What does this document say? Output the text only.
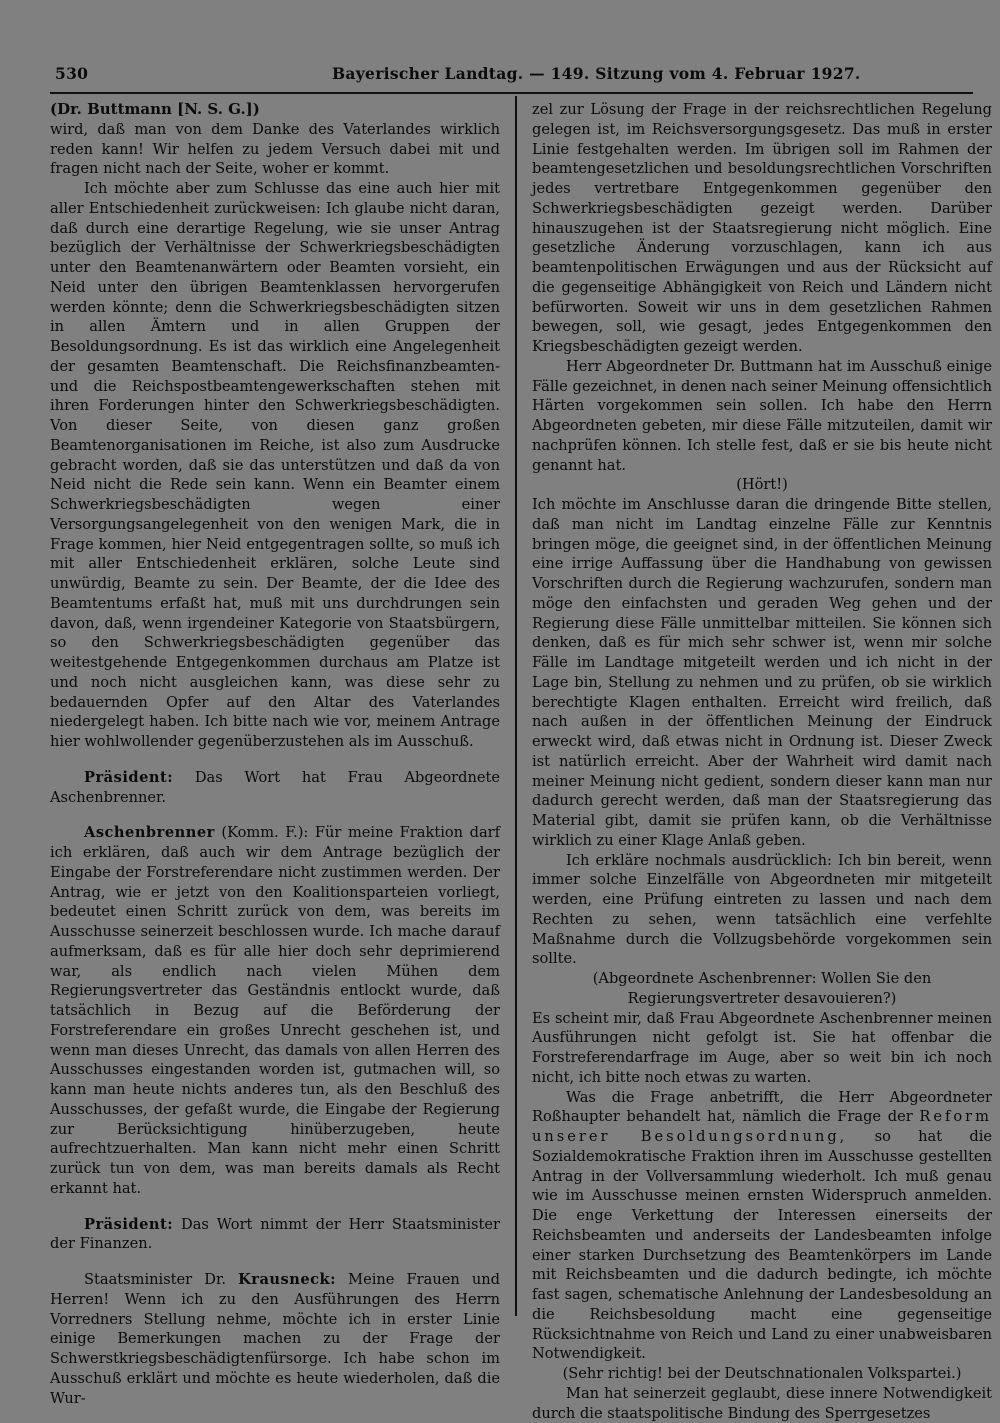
530	Bayerischer Landtag. — 149. Sitzung vom 4. Februar 1927.

(Dr. Buttmann [N. S. G.])

wird, daß man von dem Danke des Vaterlandes wirklich reden kann! Wir helfen zu jedem Versuch dabei mit und fragen nicht nach der Seite, woher er kommt.

Ich möchte aber zum Schlusse das eine auch hier mit aller Entschiedenheit zurückweisen: Ich glaube nicht daran, daß durch eine derartige Regelung, wie sie unser Antrag bezüglich der Verhältnisse der Schwerkriegsbeschädigten unter den Beamtenanwärtern oder Beamten vorsieht, ein Neid unter den übrigen Beamtenklassen hervorgerufen werden könnte; denn die Schwerkriegsbeschädigten sitzen in allen Ämtern und in allen Gruppen der Besoldungsordnung. Es ist das wirklich eine Angelegenheit der gesamten Beamtenschaft. Die Reichsfinanzbeamten- und die Reichspostbeamtengewerkschaften stehen mit ihren Forderungen hinter den Schwerkriegsbeschädigten. Von dieser Seite, von diesen ganz großen Beamtenorganisationen im Reiche, ist also zum Ausdrucke gebracht worden, daß sie das unterstützen und daß da von Neid nicht die Rede sein kann. Wenn ein Beamter einem Schwerkriegsbeschädigten wegen einer Versorgungsangelegenheit von den wenigen Mark, die in Frage kommen, hier Neid entgegentragen sollte, so muß ich mit aller Entschiedenheit erklären, solche Leute sind unwürdig, Beamte zu sein. Der Beamte, der die Idee des Beamtentums erfaßt hat, muß mit uns durchdrungen sein davon, daß, wenn irgendeiner Kategorie von Staatsbürgern, so den Schwerkriegsbeschädigten gegenüber das weitestgehende Entgegenkommen durchaus am Platze ist und noch nicht ausgleichen kann, was diese sehr zu bedauernden Opfer auf den Altar des Vaterlandes niedergelegt haben. Ich bitte nach wie vor, meinem Antrage hier wohlwollender gegenüberzustehen als im Ausschuß.

Präsident: Das Wort hat Frau Abgeordnete Aschenbrenner.

Aschenbrenner (Komm. F.): Für meine Fraktion darf ich erklären, daß auch wir dem Antrage bezüglich der Eingabe der Forstreferendare nicht zustimmen werden. Der Antrag, wie er jetzt von den Koalitionsparteien vorliegt, bedeutet einen Schritt zurück von dem, was bereits im Ausschusse seinerzeit beschlossen wurde. Ich mache darauf aufmerksam, daß es für alle hier doch sehr deprimierend war, als endlich nach vielen Mühen dem Regierungsvertreter das Geständnis entlockt wurde, daß tatsächlich in Bezug auf die Beförderung der Forstreferendare ein großes Unrecht geschehen ist, und wenn man dieses Unrecht, das damals von allen Herren des Ausschusses eingestanden worden ist, gutmachen will, so kann man heute nichts anderes tun, als den Beschluß des Ausschusses, der gefaßt wurde, die Eingabe der Regierung zur Berücksichtigung hinüberzugeben, heute aufrechtzuerhalten. Man kann nicht mehr einen Schritt zurück tun von dem, was man bereits damals als Recht erkannt hat.

Präsident: Das Wort nimmt der Herr Staatsminister der Finanzen.

Staatsminister Dr. Krausneck: Meine Frauen und Herren! Wenn ich zu den Ausführungen des Herrn Vorredners Stellung nehme, möchte ich in erster Linie einige Bemerkungen machen zu der Frage der Schwerstkriegsbeschädigtenfürsorge. Ich habe schon im Ausschuß erklärt und möchte es heute wiederholen, daß die Wur-

zel zur Lösung der Frage in der reichsrechtlichen Regelung gelegen ist, im Reichsversorgungsgesetz. Das muß in erster Linie festgehalten werden. Im übrigen soll im Rahmen der beamtengesetzlichen und besoldungsrechtlichen Vorschriften jedes vertretbare Entgegenkommen gegenüber den Schwerkriegsbeschädigten gezeigt werden. Darüber hinauszugehen ist der Staatsregierung nicht möglich. Eine gesetzliche Änderung vorzuschlagen, kann ich aus beamtenpolitischen Erwägungen und aus der Rücksicht auf die gegenseitige Abhängigkeit von Reich und Ländern nicht befürworten. Soweit wir uns in dem gesetzlichen Rahmen bewegen, soll, wie gesagt, jedes Entgegenkommen den Kriegsbeschädigten gezeigt werden.

Herr Abgeordneter Dr. Buttmann hat im Ausschuß einige Fälle gezeichnet, in denen nach seiner Meinung offensichtlich Härten vorgekommen sein sollen. Ich habe den Herrn Abgeordneten gebeten, mir diese Fälle mitzuteilen, damit wir nachprüfen können. Ich stelle fest, daß er sie bis heute nicht genannt hat.

(Hört!)

Ich möchte im Anschlusse daran die dringende Bitte stellen, daß man nicht im Landtag einzelne Fälle zur Kenntnis bringen möge, die geeignet sind, in der öffentlichen Meinung eine irrige Auffassung über die Handhabung von gewissen Vorschriften durch die Regierung wachzurufen, sondern man möge den einfachsten und geraden Weg gehen und der Regierung diese Fälle unmittelbar mitteilen. Sie können sich denken, daß es für mich sehr schwer ist, wenn mir solche Fälle im Landtage mitgeteilt werden und ich nicht in der Lage bin, Stellung zu nehmen und zu prüfen, ob sie wirklich berechtigte Klagen enthalten. Erreicht wird freilich, daß nach außen in der öffentlichen Meinung der Eindruck erweckt wird, daß etwas nicht in Ordnung ist. Dieser Zweck ist natürlich erreicht. Aber der Wahrheit wird damit nach meiner Meinung nicht gedient, sondern dieser kann man nur dadurch gerecht werden, daß man der Staatsregierung das Material gibt, damit sie prüfen kann, ob die Verhältnisse wirklich zu einer Klage Anlaß geben.

Ich erkläre nochmals ausdrücklich: Ich bin bereit, wenn immer solche Einzelfälle von Abgeordneten mir mitgeteilt werden, eine Prüfung eintreten zu lassen und nach dem Rechten zu sehen, wenn tatsächlich eine verfehlte Maßnahme durch die Vollzugsbehörde vorgekommen sein sollte.

(Abgeordnete Aschenbrenner: Wollen Sie den Regierungsvertreter desavouieren?)

Es scheint mir, daß Frau Abgeordnete Aschenbrenner meinen Ausführungen nicht gefolgt ist. Sie hat offenbar die Forstreferendarfrage im Auge, aber so weit bin ich noch nicht, ich bitte noch etwas zu warten.

Was die Frage anbetrifft, die Herr Abgeordneter Roßhaupter behandelt hat, nämlich die Frage der Reform unserer Besoldungsordnung, so hat die Sozialdemokratische Fraktion ihren im Ausschusse gestellten Antrag in der Vollversammlung wiederholt. Ich muß genau wie im Ausschusse meinen ernsten Widerspruch anmelden. Die enge Verkettung der Interessen einerseits der Reichsbeamten und anderseits der Landesbeamten infolge einer starken Durchsetzung des Beamtenkörpers im Lande mit Reichsbeamten und die dadurch bedingte, ich möchte fast sagen, schematische Anlehnung der Landesbesoldung an die Reichsbesoldung macht eine gegenseitige Rücksichtnahme von Reich und Land zu einer unabweisbaren Notwendigkeit.

(Sehr richtig! bei der Deutschnationalen Volkspartei.)

Man hat seinerzeit geglaubt, diese innere Notwendigkeit durch die staatspolitische Bindung des Sperrgesetzes
